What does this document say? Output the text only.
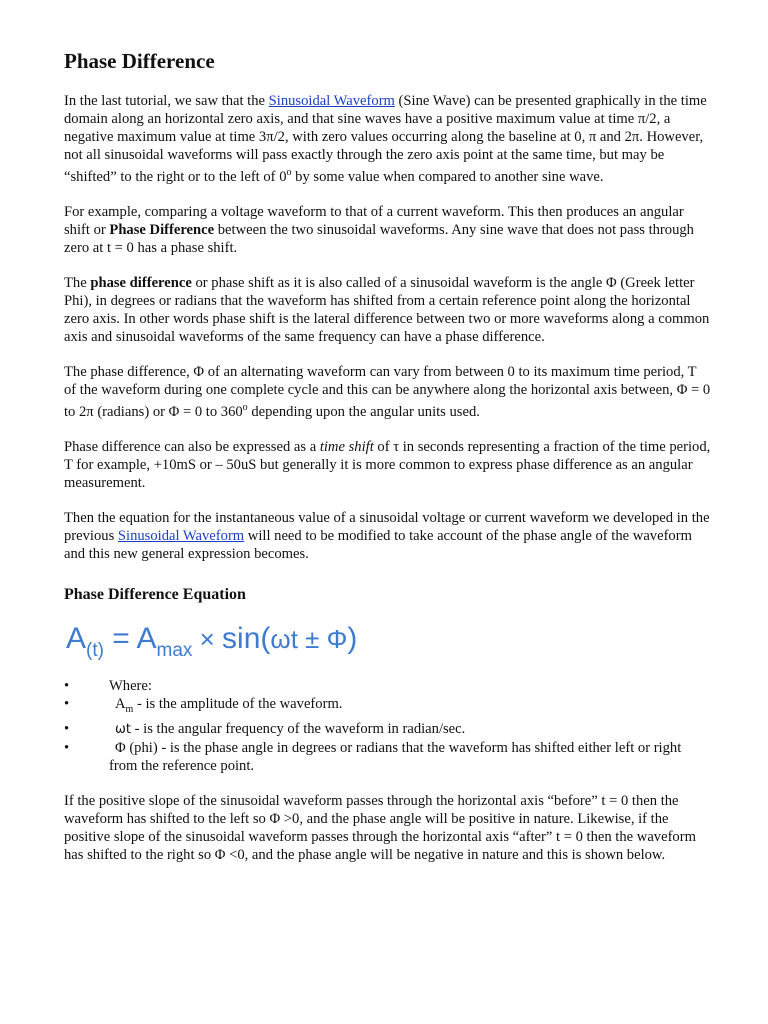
Phase Difference

In the last tutorial, we saw that the Sinusoidal Waveform (Sine Wave) can be presented graphically in the time domain along an horizontal zero axis, and that sine waves have a positive maximum value at time π/2, a negative maximum value at time 3π/2, with zero values occurring along the baseline at 0, π and 2π. However, not all sinusoidal waveforms will pass exactly through the zero axis point at the same time, but may be “shifted” to the right or to the left of 0$^o$ by some value when compared to another sine wave.

For example, comparing a voltage waveform to that of a current waveform. This then produces an angular shift or Phase Difference between the two sinusoidal waveforms. Any sine wave that does not pass through zero at t = 0 has a phase shift.

The phase difference or phase shift as it is also called of a sinusoidal waveform is the angle Φ (Greek letter Phi), in degrees or radians that the waveform has shifted from a certain reference point along the horizontal zero axis. In other words phase shift is the lateral difference between two or more waveforms along a common axis and sinusoidal waveforms of the same frequency can have a phase difference.

The phase difference, Φ of an alternating waveform can vary from between 0 to its maximum time period, T of the waveform during one complete cycle and this can be anywhere along the horizontal axis between, Φ = 0 to 2π (radians) or Φ = 0 to 360$^o$ depending upon the angular units used.

Phase difference can also be expressed as a time shift of τ in seconds representing a fraction of the time period, T for example, +10mS or – 50uS but generally it is more common to express phase difference as an angular measurement.

Then the equation for the instantaneous value of a sinusoidal voltage or current waveform we developed in the previous Sinusoidal Waveform will need to be modified to take account of the phase angle of the waveform and this new general expression becomes.

Phase Difference Equation
$A_{(t)} = A_{max} \times \sin(\omega t \pm \Phi)$
• Where:
• $A_m$ - is the amplitude of the waveform.
• ωt - is the angular frequency of the waveform in radian/sec.
• Φ (phi) - is the phase angle in degrees or radians that the waveform has shifted either left or right from the reference point.

If the positive slope of the sinusoidal waveform passes through the horizontal axis “before” t = 0 then the waveform has shifted to the left so Φ >0, and the phase angle will be positive in nature. Likewise, if the positive slope of the sinusoidal waveform passes through the horizontal axis “after” t = 0 then the waveform has shifted to the right so Φ <0, and the phase angle will be negative in nature and this is shown below.
